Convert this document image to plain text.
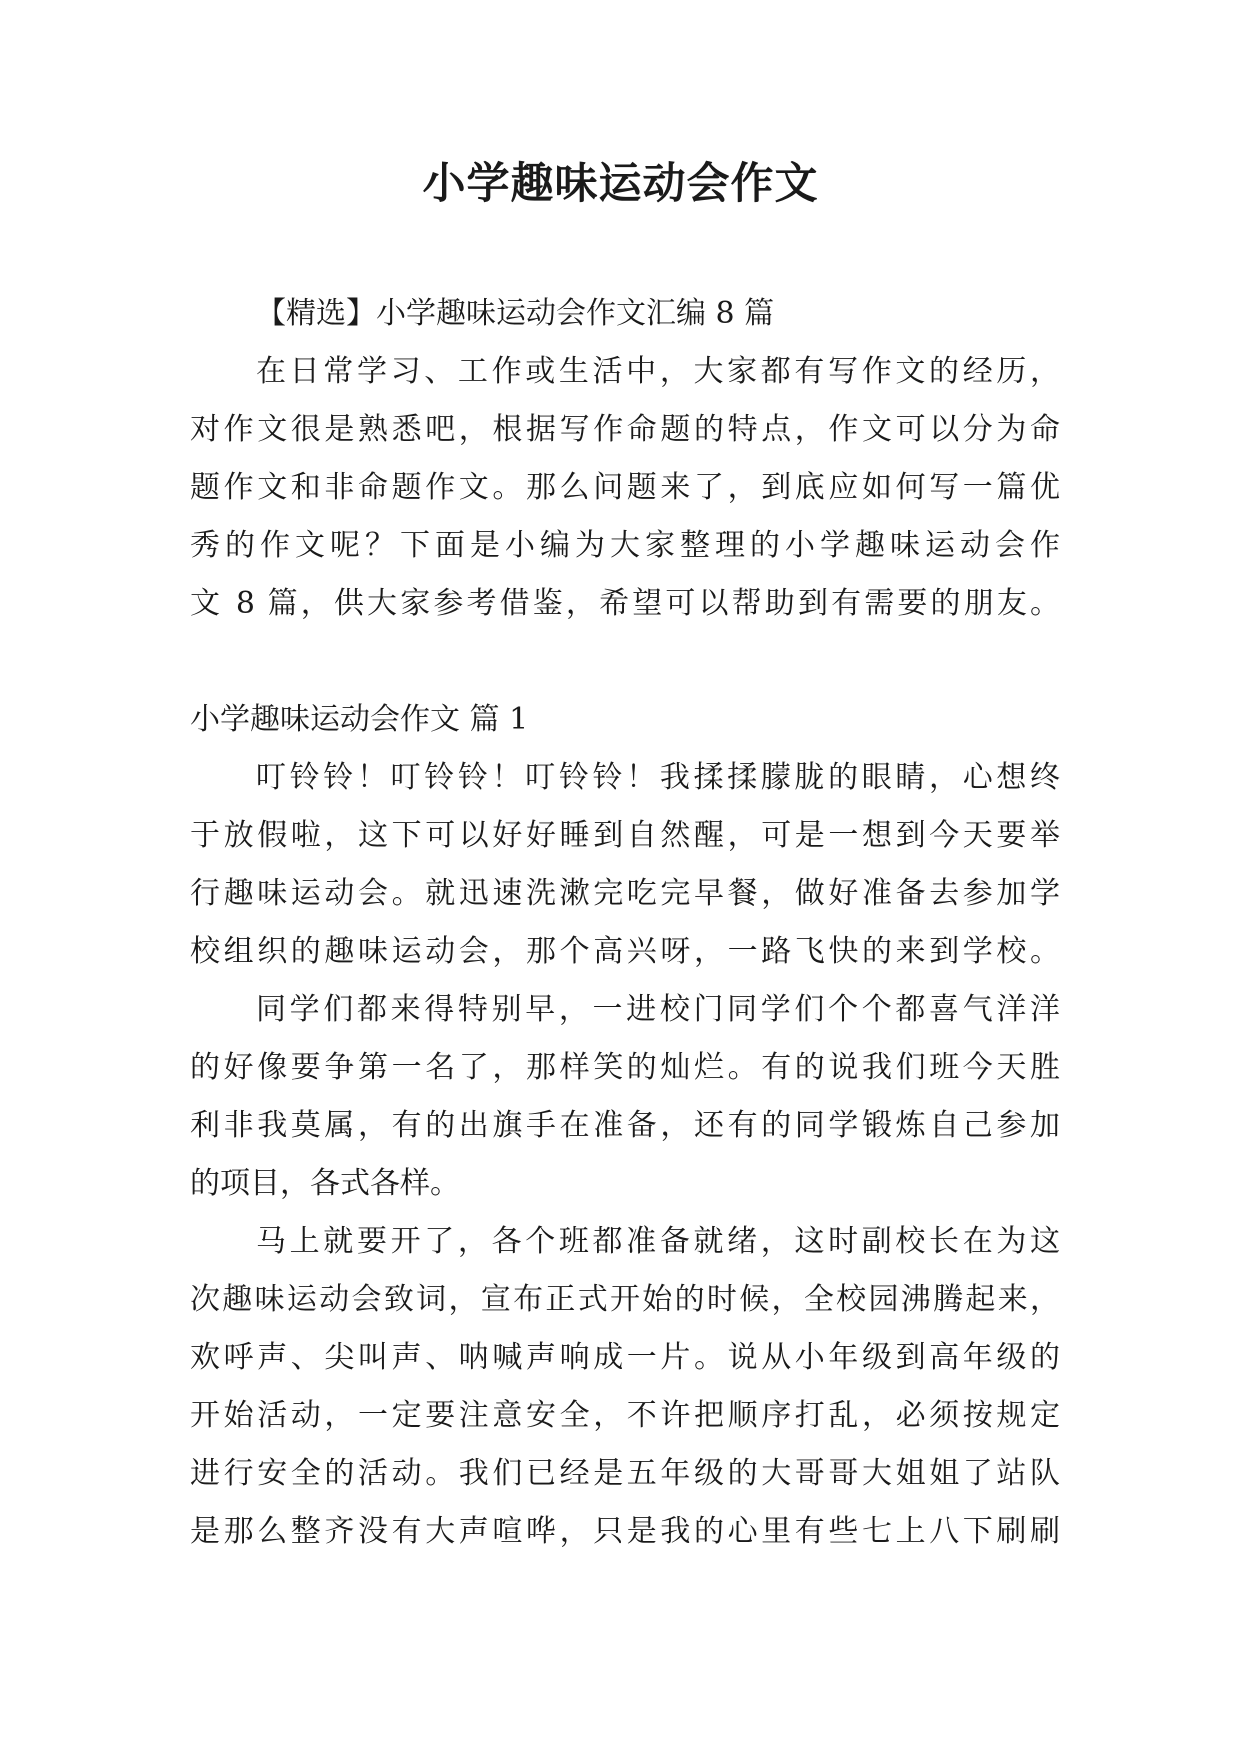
小学趣味运动会作文
【精选】小学趣味运动会作文汇编 8 篇
在日常学习、工作或生活中，大家都有写作文的经历，
对作文很是熟悉吧，根据写作命题的特点，作文可以分为命
题作文和非命题作文。那么问题来了，到底应如何写一篇优
秀的作文呢？下面是小编为大家整理的小学趣味运动会作
文 8 篇，供大家参考借鉴，希望可以帮助到有需要的朋友。
小学趣味运动会作文 篇 1
叮铃铃！叮铃铃！叮铃铃！我揉揉朦胧的眼睛，心想终
于放假啦，这下可以好好睡到自然醒，可是一想到今天要举
行趣味运动会。就迅速洗漱完吃完早餐，做好准备去参加学
校组织的趣味运动会，那个高兴呀，一路飞快的来到学校。
同学们都来得特别早，一进校门同学们个个都喜气洋洋
的好像要争第一名了，那样笑的灿烂。有的说我们班今天胜
利非我莫属，有的出旗手在准备，还有的同学锻炼自己参加
的项目，各式各样。
马上就要开了，各个班都准备就绪，这时副校长在为这
次趣味运动会致词，宣布正式开始的时候，全校园沸腾起来，
欢呼声、尖叫声、呐喊声响成一片。说从小年级到高年级的
开始活动，一定要注意安全，不许把顺序打乱，必须按规定
进行安全的活动。我们已经是五年级的大哥哥大姐姐了站队
是那么整齐没有大声喧哗，只是我的心里有些七上八下刷刷
